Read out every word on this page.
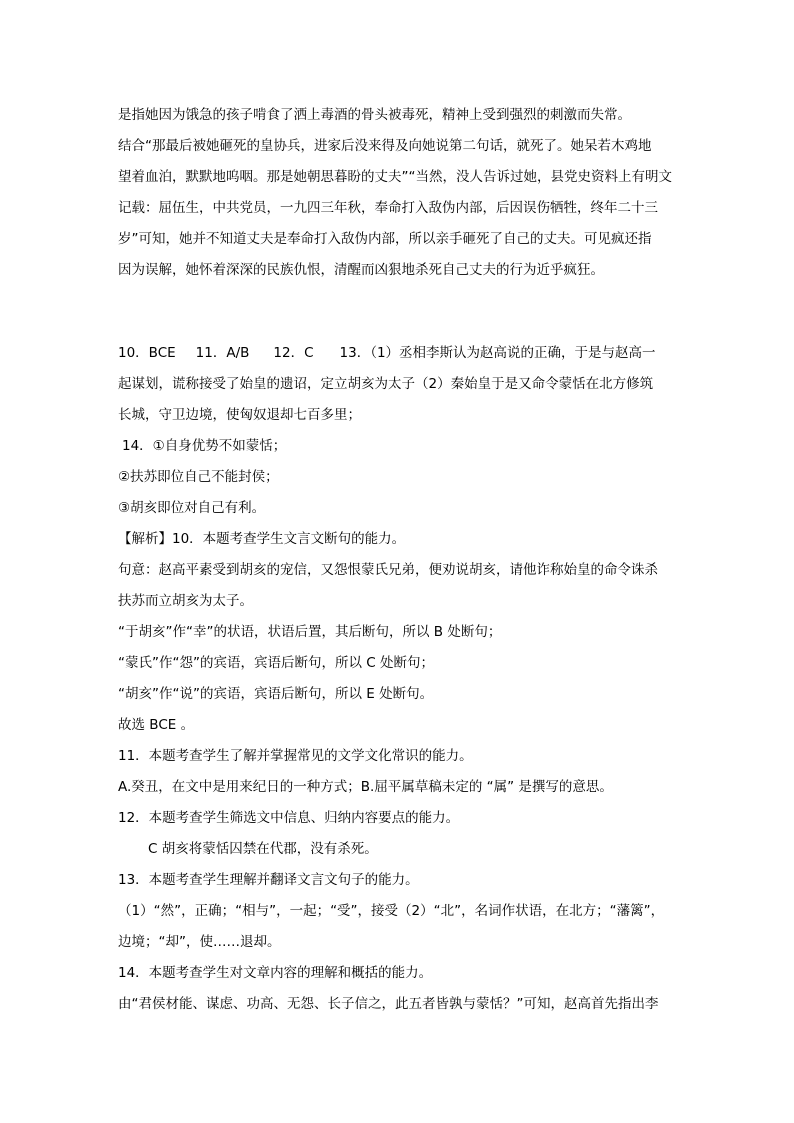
是指她因为饿急的孩子啃食了洒上毒酒的骨头被毒死，精神上受到强烈的刺激而失常。
结合“那最后被她砸死的皇协兵，进家后没来得及向她说第二句话，就死了。她呆若木鸡地
望着血泊，默默地呜咽。那是她朝思暮盼的丈夫”“当然，没人告诉过她，县党史资料上有明文
记载：屈伍生，中共党员，一九四三年秋，奉命打入敌伪内部，后因误伤牺牲，终年二十三
岁”可知，她并不知道丈夫是奉命打入敌伪内部，所以亲手砸死了自己的丈夫。可见疯还指
因为误解，她怀着深深的民族仇恨，清醒而凶狠地杀死自己丈夫的行为近乎疯狂。
10．BCE 11．A/B 12．C 13．（1）丞相李斯认为赵高说的正确，于是与赵高一
起谋划，谎称接受了始皇的遗诏，定立胡亥为太子（2）秦始皇于是又命令蒙恬在北方修筑
长城，守卫边境，使匈奴退却七百多里；
14．①自身优势不如蒙恬；
②扶苏即位自己不能封侯；
③胡亥即位对自己有利。
【解析】10．本题考查学生文言文断句的能力。
句意：赵高平素受到胡亥的宠信，又怨恨蒙氏兄弟，便劝说胡亥，请他诈称始皇的命令诛杀
扶苏而立胡亥为太子。
“于胡亥”作“幸”的状语，状语后置，其后断句，所以 B 处断句；
“蒙氏”作“怨”的宾语，宾语后断句，所以 C 处断句；
“胡亥”作“说”的宾语，宾语后断句，所以 E 处断句。
故选 BCE 。
11．本题考查学生了解并掌握常见的文学文化常识的能力。
A.癸丑，在文中是用来纪日的一种方式；B.屈平属草稿未定的 “属” 是撰写的意思。
12．本题考查学生筛选文中信息、归纳内容要点的能力。
C 胡亥将蒙恬囚禁在代郡，没有杀死。
13．本题考查学生理解并翻译文言文句子的能力。
（1）“然”，正确；“相与”，一起；“受”，接受（2）“北”，名词作状语，在北方；“藩篱”，
边境；“却”，使……退却。
14．本题考查学生对文章内容的理解和概括的能力。
由“君侯材能、谋虑、功高、无怨、长子信之，此五者皆孰与蒙恬？”可知，赵高首先指出李
